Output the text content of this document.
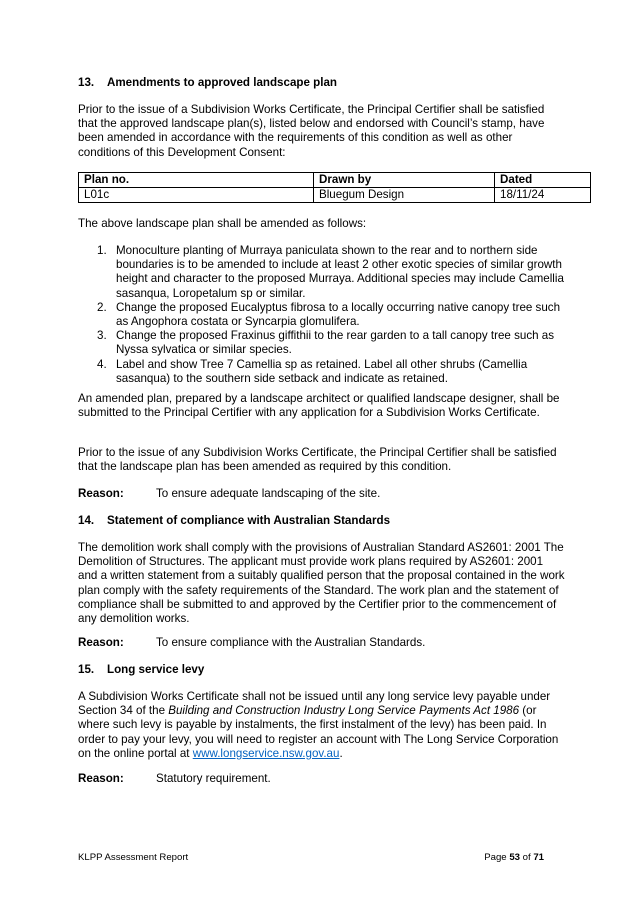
13.	Amendments to approved landscape plan

Prior to the issue of a Subdivision Works Certificate, the Principal Certifier shall be satisfied that the approved landscape plan(s), listed below and endorsed with Council’s stamp, have been amended in accordance with the requirements of this condition as well as other conditions of this Development Consent:

Plan no.	Drawn by	Dated
L01c	Bluegum Design	18/11/24

The above landscape plan shall be amended as follows:

1. Monoculture planting of Murraya paniculata shown to the rear and to northern side boundaries is to be amended to include at least 2 other exotic species of similar growth height and character to the proposed Murraya. Additional species may include Camellia sasanqua, Loropetalum sp or similar.
2. Change the proposed Eucalyptus fibrosa to a locally occurring native canopy tree such as Angophora costata or Syncarpia glomulifera.
3. Change the proposed Fraxinus giffithii to the rear garden to a tall canopy tree such as Nyssa sylvatica or similar species.
4. Label and show Tree 7 Camellia sp as retained. Label all other shrubs (Camellia sasanqua) to the southern side setback and indicate as retained.

An amended plan, prepared by a landscape architect or qualified landscape designer, shall be submitted to the Principal Certifier with any application for a Subdivision Works Certificate.

Prior to the issue of any Subdivision Works Certificate, the Principal Certifier shall be satisfied that the landscape plan has been amended as required by this condition.

Reason:	To ensure adequate landscaping of the site.
14.	Statement of compliance with Australian Standards

The demolition work shall comply with the provisions of Australian Standard AS2601: 2001 The Demolition of Structures. The applicant must provide work plans required by AS2601: 2001 and a written statement from a suitably qualified person that the proposal contained in the work plan comply with the safety requirements of the Standard. The work plan and the statement of compliance shall be submitted to and approved by the Certifier prior to the commencement of any demolition works.

Reason:	To ensure compliance with the Australian Standards.
15.	Long service levy

A Subdivision Works Certificate shall not be issued until any long service levy payable under Section 34 of the Building and Construction Industry Long Service Payments Act 1986 (or where such levy is payable by instalments, the first instalment of the levy) has been paid. In order to pay your levy, you will need to register an account with The Long Service Corporation on the online portal at www.longservice.nsw.gov.au.

Reason:	Statutory requirement.
KLPP Assessment Report	Page 53 of 71
